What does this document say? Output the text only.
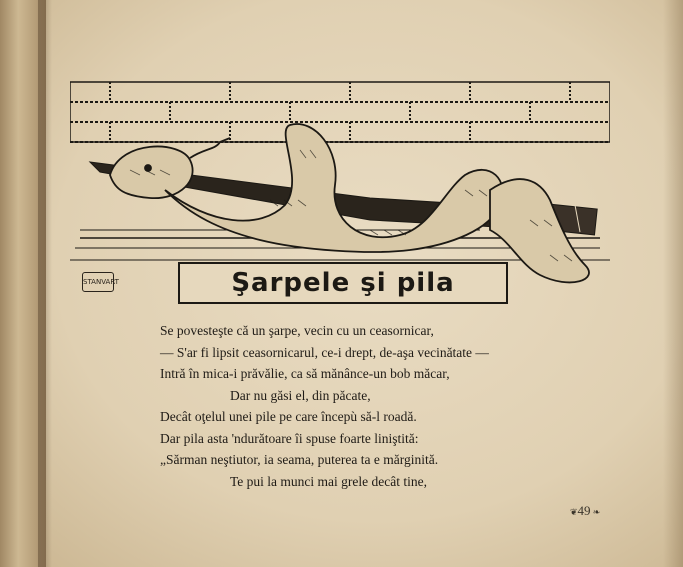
STANVART	Şarpele şi pila
Se povesteşte că un şarpe, vecin cu un ceasornicar,
— S'ar fi lipsit ceasornicarul, ce-i drept, de-aşa vecinătate —
Intră în mica-i prăvălie, ca să mănânce-un bob măcar,
Dar nu găsi el, din păcate,
Decât oţelul unei pile pe care începù să-l roadă.
Dar pila asta 'ndurătoare îi spuse foarte liniştită:
„Sărman neştiutor, ia seama, puterea ta e mărginită.
Te pui la munci mai grele decât tine,
❦ 49 ❧
